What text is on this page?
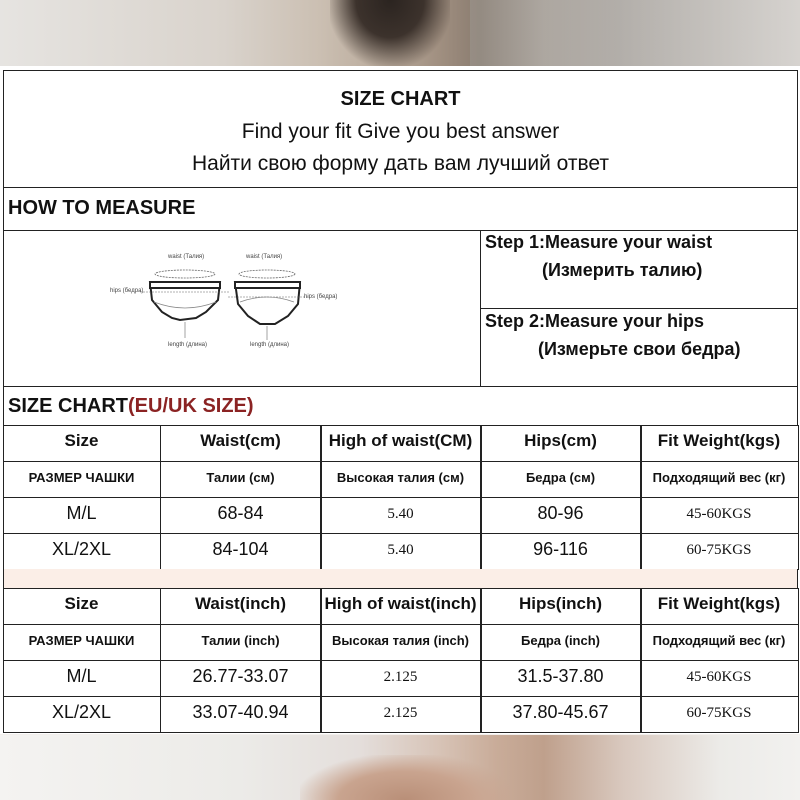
SIZE CHART
Find your fit Give you best answer
Найти свою форму дать вам лучший ответ
HOW TO MEASURE
Step 1:Measure your waist
(Измерить талию)
Step 2:Measure your hips
(Измерьте свои бедра)
waist (Талия)	waist (Талия)
hips (бедра)
hips (бедра)
length (длина)	length (длина)
SIZE CHART(EU/UK SIZE)
Size	Waist(cm)	High of waist(CM)	Hips(cm)	Fit Weight(kgs)
РАЗМЕР ЧАШКИ	Талии (см)	Высокая талия (см)	Бедра (см)	Подходящий вес (кг)
M/L	68-84	5.40	80-96	45-60KGS
XL/2XL	84-104	5.40	96-116	60-75KGS
Size	Waist(inch)	High of waist(inch)	Hips(inch)	Fit Weight(kgs)
РАЗМЕР ЧАШКИ	Талии (inch)	Высокая талия (inch)	Бедра (inch)	Подходящий вес (кг)
M/L	26.77-33.07	2.125	31.5-37.80	45-60KGS
XL/2XL	33.07-40.94	2.125	37.80-45.67	60-75KGS
